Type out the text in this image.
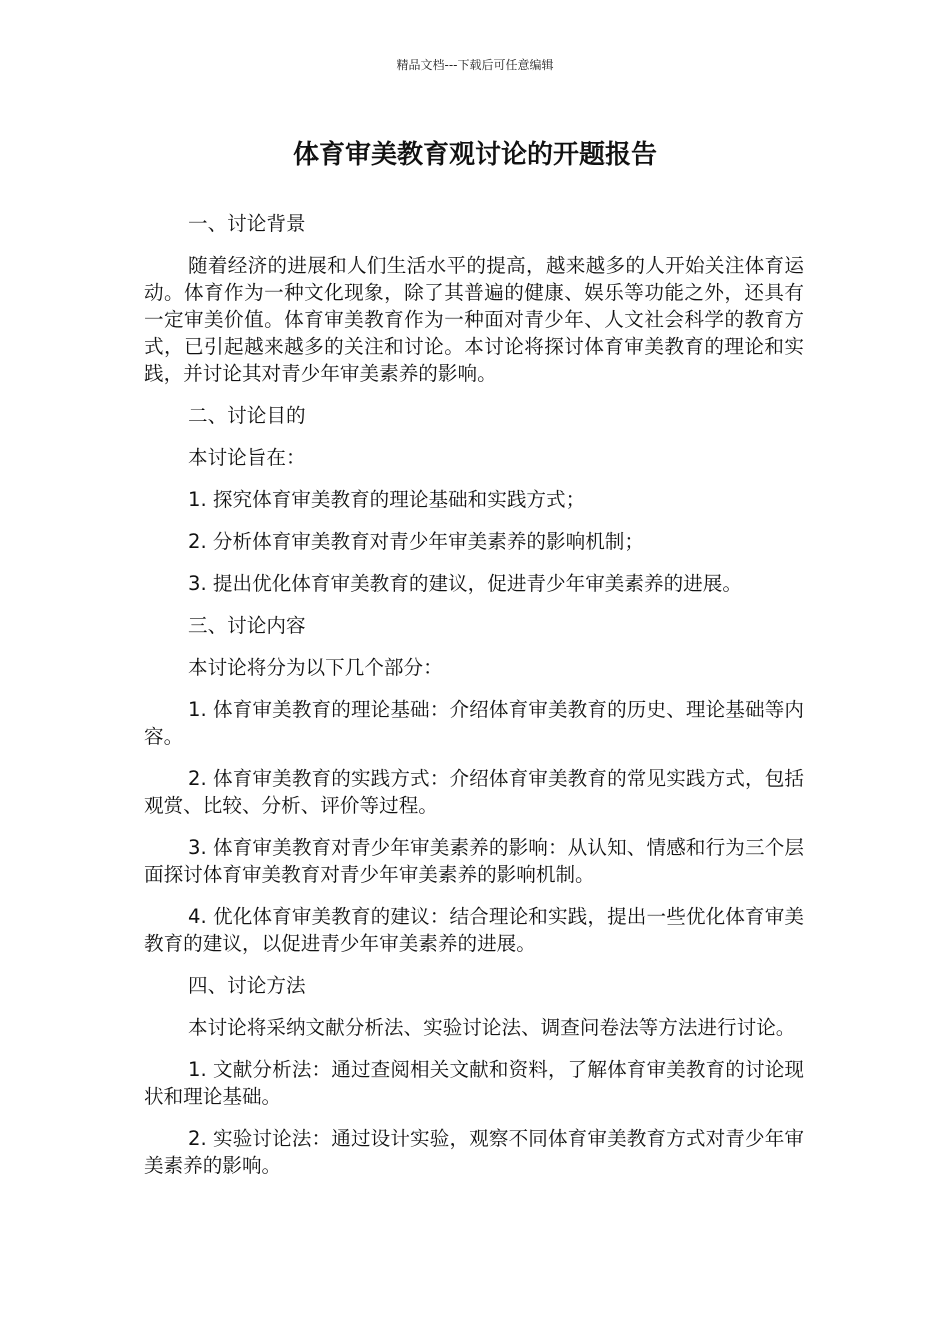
精品文档---下载后可任意编辑
体育审美教育观讨论的开题报告

一、讨论背景

随着经济的进展和人们生活水平的提高，越来越多的人开始关注体育运动。体育作为一种文化现象，除了其普遍的健康、娱乐等功能之外，还具有一定审美价值。体育审美教育作为一种面对青少年、人文社会科学的教育方式，已引起越来越多的关注和讨论。本讨论将探讨体育审美教育的理论和实践，并讨论其对青少年审美素养的影响。

二、讨论目的

本讨论旨在：

1. 探究体育审美教育的理论基础和实践方式；

2. 分析体育审美教育对青少年审美素养的影响机制；

3. 提出优化体育审美教育的建议，促进青少年审美素养的进展。

三、讨论内容

本讨论将分为以下几个部分：

1. 体育审美教育的理论基础：介绍体育审美教育的历史、理论基础等内容。

2. 体育审美教育的实践方式：介绍体育审美教育的常见实践方式，包括观赏、比较、分析、评价等过程。

3. 体育审美教育对青少年审美素养的影响：从认知、情感和行为三个层面探讨体育审美教育对青少年审美素养的影响机制。

4. 优化体育审美教育的建议：结合理论和实践，提出一些优化体育审美教育的建议，以促进青少年审美素养的进展。

四、讨论方法

本讨论将采纳文献分析法、实验讨论法、调查问卷法等方法进行讨论。

1. 文献分析法：通过查阅相关文献和资料，了解体育审美教育的讨论现状和理论基础。

2. 实验讨论法：通过设计实验，观察不同体育审美教育方式对青少年审美素养的影响。
